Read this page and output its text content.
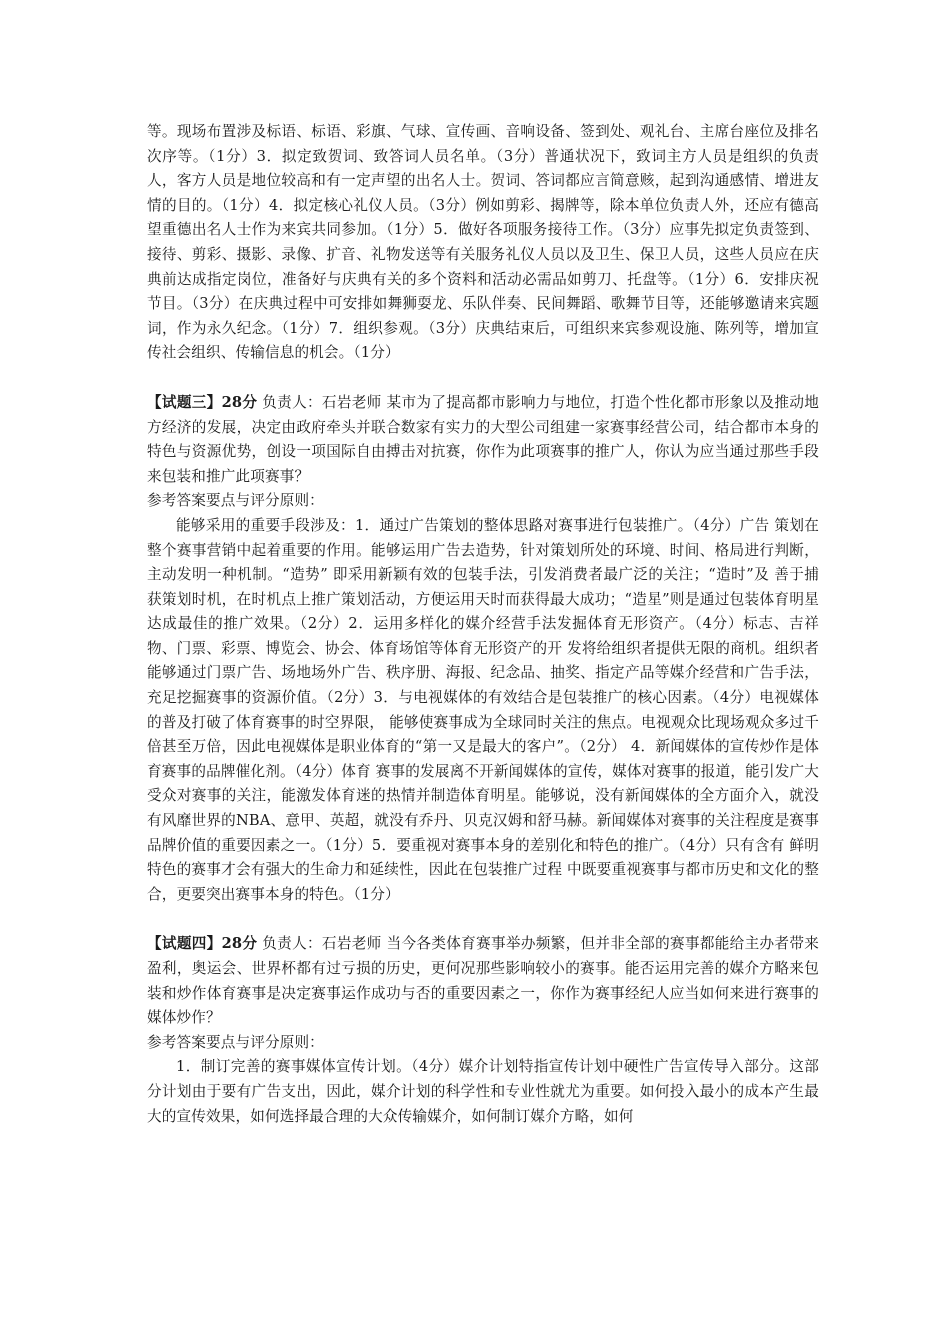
等。现场布置涉及标语、标语、彩旗、气球、宣传画、音响设备、签到处、观礼台、主席台座位及排名次序等。（1分）3．拟定致贺词、致答词人员名单。（3分）普通状况下，致词主方人员是组织的负责人，客方人员是地位较高和有一定声望的出名人士。贺词、答词都应言简意赅，起到沟通感情、增进友情的目的。（1分）4．拟定核心礼仪人员。（3分）例如剪彩、揭牌等，除本单位负责人外，还应有德高望重德出名人士作为来宾共同参加。（1分）5．做好各项服务接待工作。（3分）应事先拟定负责签到、接待、剪彩、摄影、录像、扩音、礼物发送等有关服务礼仪人员以及卫生、保卫人员，这些人员应在庆典前达成指定岗位，准备好与庆典有关的多个资料和活动必需品如剪刀、托盘等。（1分）6．安排庆祝节目。（3分）在庆典过程中可安排如舞狮耍龙、乐队伴奏、民间舞蹈、歌舞节目等，还能够邀请来宾题词，作为永久纪念。（1分）7．组织参观。（3分）庆典结束后，可组织来宾参观设施、陈列等，增加宣传社会组织、传输信息的机会。（1分）

【试题三】28分 负责人：石岩老师 某市为了提高都市影响力与地位，打造个性化都市形象以及推动地方经济的发展，决定由政府牵头并联合数家有实力的大型公司组建一家赛事经营公司，结合都市本身的特色与资源优势，创设一项国际自由搏击对抗赛，你作为此项赛事的推广人，你认为应当通过那些手段来包装和推广此项赛事？

参考答案要点与评分原则：

能够采用的重要手段涉及：1．通过广告策划的整体思路对赛事进行包装推广。（4分）广告 策划在整个赛事营销中起着重要的作用。能够运用广告去造势，针对策划所处的环境、时间、格局进行判断，主动发明一种机制。“造势” 即采用新颖有效的包装手法，引发消费者最广泛的关注；“造时”及 善于捕获策划时机，在时机点上推广策划活动，方便运用天时而获得最大成功；“造星”则是通过包装体育明星达成最佳的推广效果。（2分）2．运用多样化的媒介经营手法发掘体育无形资产。（4分）标志、吉祥物、门票、彩票、博览会、协会、体育场馆等体育无形资产的开 发将给组织者提供无限的商机。组织者能够通过门票广告、场地场外广告、秩序册、海报、纪念品、抽奖、指定产品等媒介经营和广告手法，充足挖掘赛事的资源价值。（2分）3．与电视媒体的有效结合是包装推广的核心因素。（4分）电视媒体的普及打破了体育赛事的时空界限， 能够使赛事成为全球同时关注的焦点。电视观众比现场观众多过千倍甚至万倍，因此电视媒体是职业体育的“第一又是最大的客户”。（2分） 4．新闻媒体的宣传炒作是体育赛事的品牌催化剂。（4分）体育 赛事的发展离不开新闻媒体的宣传，媒体对赛事的报道，能引发广大受众对赛事的关注，能激发体育迷的热情并制造体育明星。能够说，没有新闻媒体的全方面介入，就没有风靡世界的NBA、意甲、英超，就没有乔丹、贝克汉姆和舒马赫。新闻媒体对赛事的关注程度是赛事品牌价值的重要因素之一。（1分）5．要重视对赛事本身的差别化和特色的推广。（4分）只有含有 鲜明特色的赛事才会有强大的生命力和延续性，因此在包装推广过程 中既要重视赛事与都市历史和文化的整合，更要突出赛事本身的特色。（1分）

【试题四】28分 负责人：石岩老师 当今各类体育赛事举办频繁，但并非全部的赛事都能给主办者带来盈利，奥运会、世界杯都有过亏损的历史，更何况那些影响较小的赛事。能否运用完善的媒介方略来包装和炒作体育赛事是决定赛事运作成功与否的重要因素之一，你作为赛事经纪人应当如何来进行赛事的媒体炒作？

参考答案要点与评分原则：

1．制订完善的赛事媒体宣传计划。（4分）媒介计划特指宣传计划中硬性广告宣传导入部分。这部分计划由于要有广告支出，因此，媒介计划的科学性和专业性就尤为重要。如何投入最小的成本产生最大的宣传效果，如何选择最合理的大众传输媒介，如何制订媒介方略，如何
